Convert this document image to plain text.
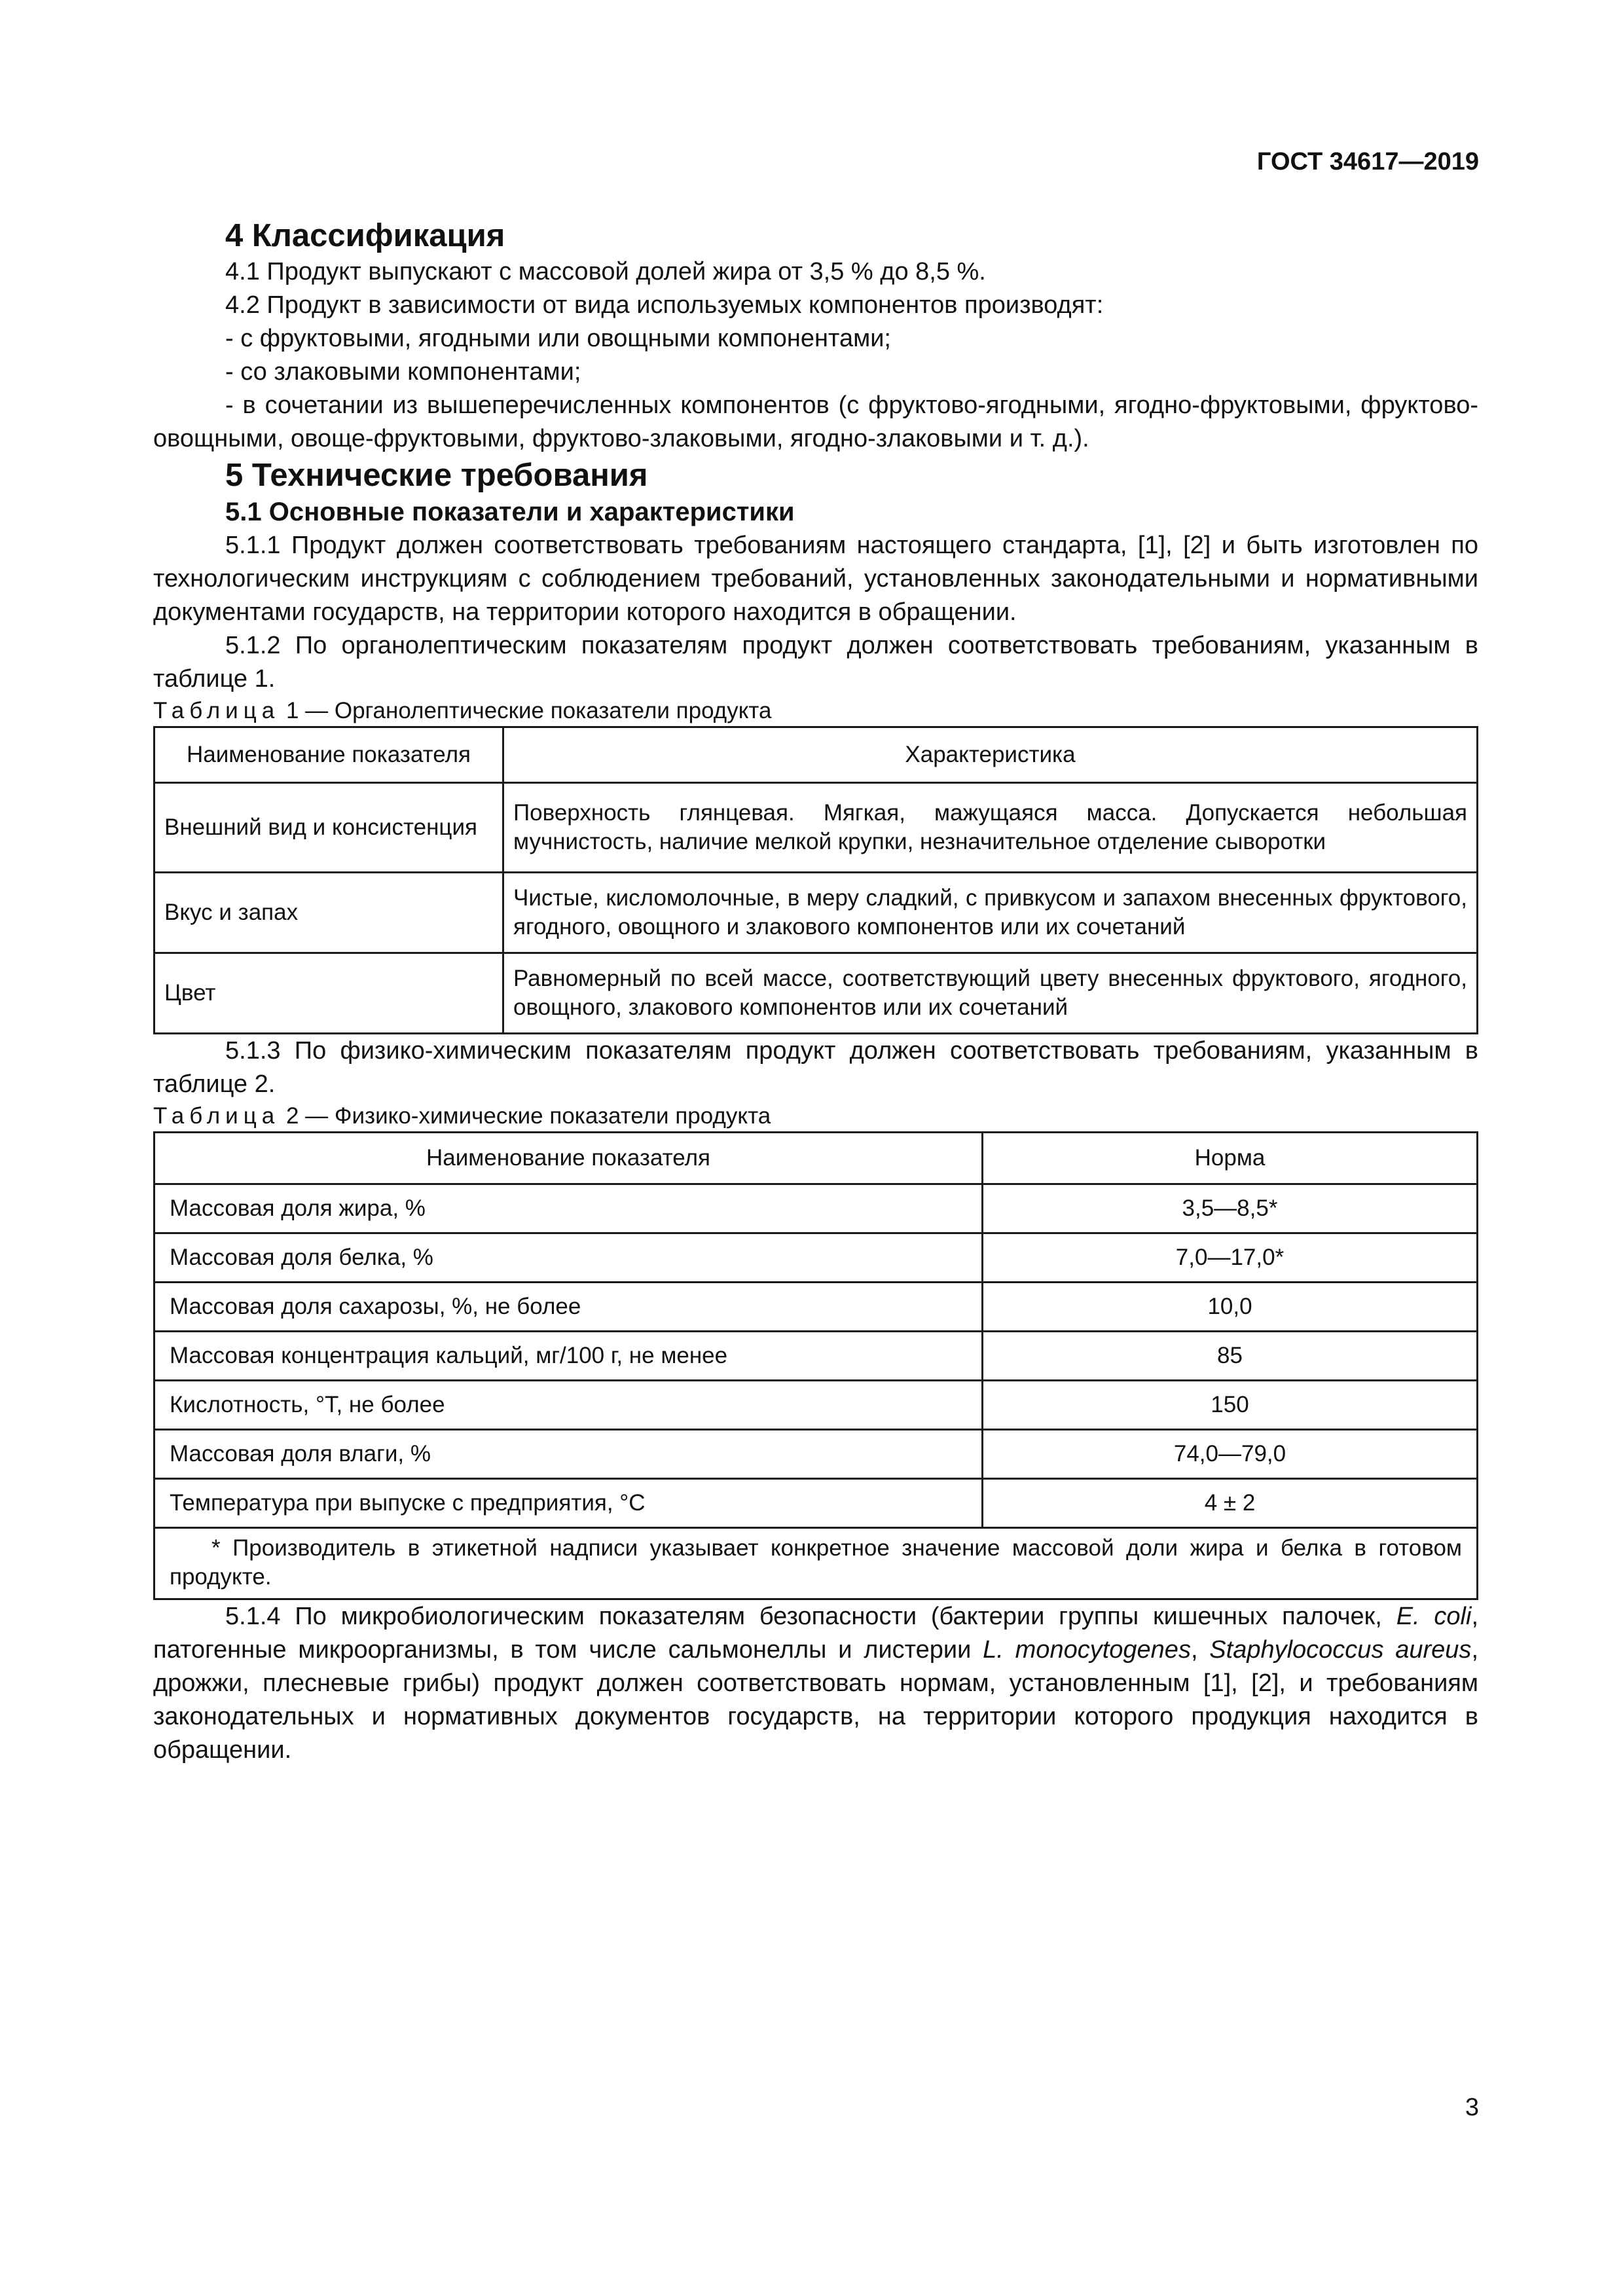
ГОСТ 34617—2019

4 Классификация

4.1 Продукт выпускают с массовой долей жира от 3,5 % до 8,5 %.

4.2 Продукт в зависимости от вида используемых компонентов производят:

- с фруктовыми, ягодными или овощными компонентами;

- со злаковыми компонентами;

- в сочетании из вышеперечисленных компонентов (с фруктово-ягодными, ягодно-фруктовыми, фруктово-овощными, овоще-фруктовыми, фруктово-злаковыми, ягодно-злаковыми и т. д.).

5 Технические требования

5.1 Основные показатели и характеристики

5.1.1 Продукт должен соответствовать требованиям настоящего стандарта, [1], [2] и быть изготовлен по технологическим инструкциям с соблюдением требований, установленных законодательными и нормативными документами государств, на территории которого находится в обращении.

5.1.2 По органолептическим показателям продукт должен соответствовать требованиям, указанным в таблице 1.

Таблица 1 — Органолептические показатели продукта

Наименование показателя	Характеристика
Внешний вид и консистенция	Поверхность глянцевая. Мягкая, мажущаяся масса. Допускается небольшая мучнистость, наличие мелкой крупки, незначительное отделение сыворотки
Вкус и запах	Чистые, кисломолочные, в меру сладкий, с привкусом и запахом внесенных фруктового, ягодного, овощного и злакового компонентов или их сочетаний
Цвет	Равномерный по всей массе, соответствующий цвету внесенных фруктового, ягодного, овощного, злакового компонентов или их сочетаний

5.1.3 По физико-химическим показателям продукт должен соответствовать требованиям, указанным в таблице 2.

Таблица 2 — Физико-химические показатели продукта

Наименование показателя	Норма
Массовая доля жира, %	3,5—8,5*
Массовая доля белка, %	7,0—17,0*
Массовая доля сахарозы, %, не более	10,0
Массовая концентрация кальций, мг/100 г, не менее	85
Кислотность, °Т, не более	150
Массовая доля влаги, %	74,0—79,0
Температура при выпуске с предприятия, °С	4 ± 2

* Производитель в этикетной надписи указывает конкретное значение массовой доли жира и белка в готовом продукте.	

5.1.4 По микробиологическим показателям безопасности (бактерии группы кишечных палочек, E. coli, патогенные микроорганизмы, в том числе сальмонеллы и листерии L. monocytogenes, Staphylococcus aureus, дрожжи, плесневые грибы) продукт должен соответствовать нормам, установленным [1], [2], и требованиям законодательных и нормативных документов государств, на территории которого продукция находится в обращении.

3
